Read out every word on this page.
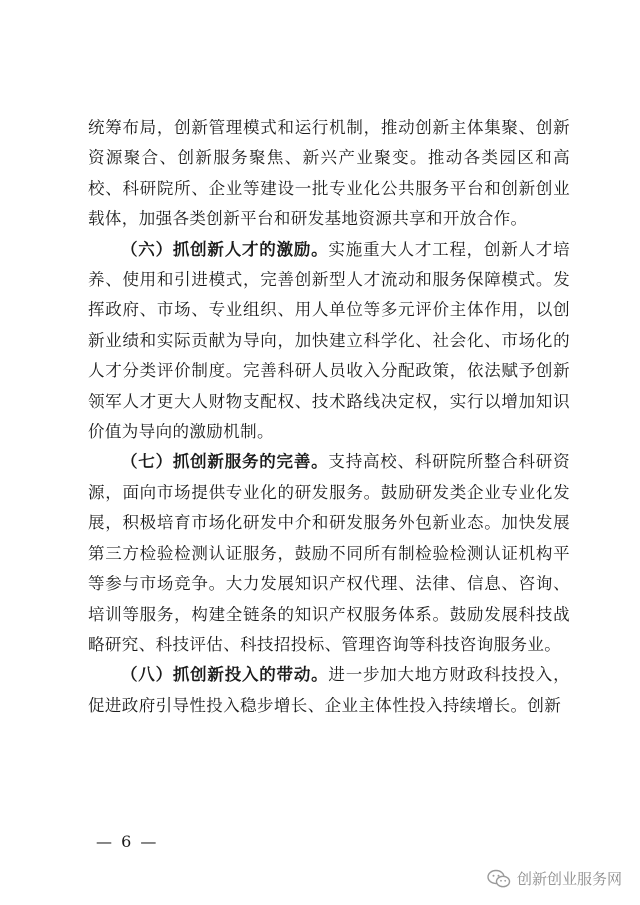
统筹布局，创新管理模式和运行机制，推动创新主体集聚、创新资源聚合、创新服务聚焦、新兴产业聚变。推动各类园区和高校、科研院所、企业等建设一批专业化公共服务平台和创新创业载体，加强各类创新平台和研发基地资源共享和开放合作。

（六）抓创新人才的激励。实施重大人才工程，创新人才培养、使用和引进模式，完善创新型人才流动和服务保障模式。发挥政府、市场、专业组织、用人单位等多元评价主体作用，以创新业绩和实际贡献为导向，加快建立科学化、社会化、市场化的人才分类评价制度。完善科研人员收入分配政策，依法赋予创新领军人才更大人财物支配权、技术路线决定权，实行以增加知识价值为导向的激励机制。

（七）抓创新服务的完善。支持高校、科研院所整合科研资源，面向市场提供专业化的研发服务。鼓励研发类企业专业化发展，积极培育市场化研发中介和研发服务外包新业态。加快发展第三方检验检测认证服务，鼓励不同所有制检验检测认证机构平等参与市场竞争。大力发展知识产权代理、法律、信息、咨询、培训等服务，构建全链条的知识产权服务体系。鼓励发展科技战略研究、科技评估、科技招投标、管理咨询等科技咨询服务业。

（八）抓创新投入的带动。进一步加大地方财政科技投入，促进政府引导性投入稳步增长、企业主体性投入持续增长。创新

— 6 —
创新创业服务网
